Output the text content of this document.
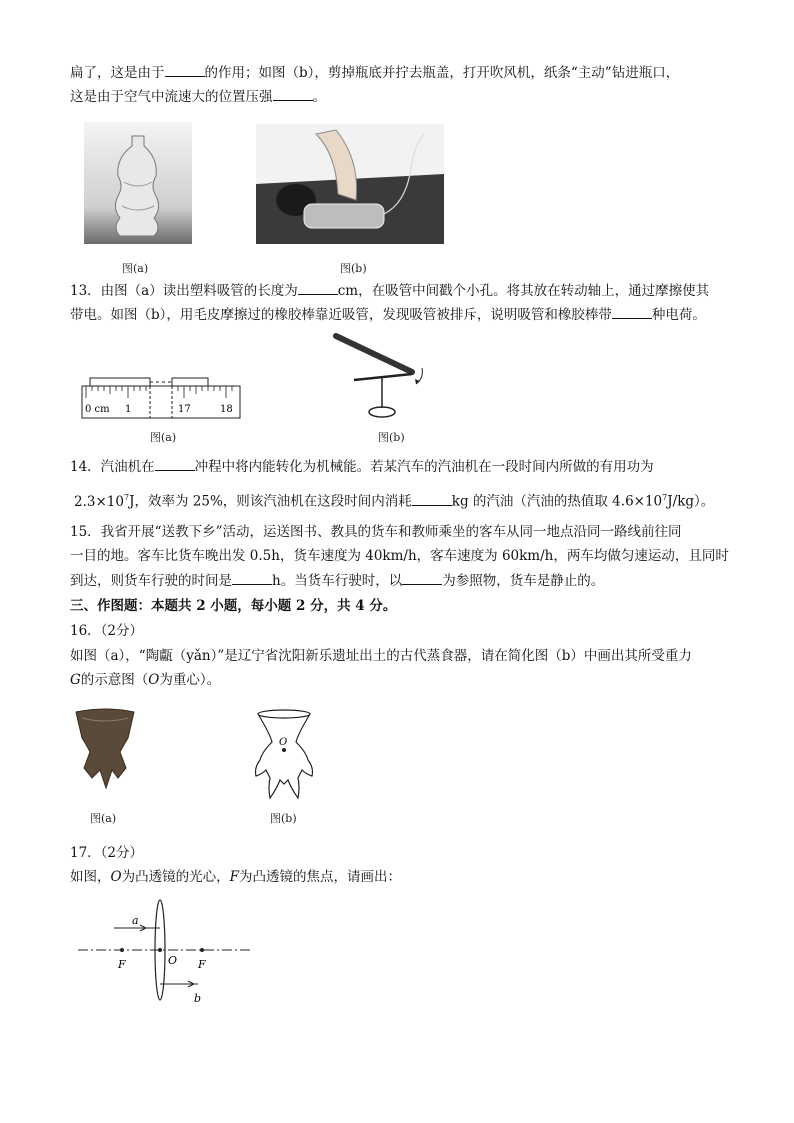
扁了，这是由于	的作用；如图（b），剪掉瓶底并拧去瓶盖，打开吹风机，纸条“主动”钻进瓶口，
这是由于空气中流速大的位置压强	。
图(a)	图(b)
13．由图（a）读出塑料吸管的长度为	cm，在吸管中间戳个小孔。将其放在转动轴上，通过摩擦使其
带电。如图（b），用毛皮摩擦过的橡胶棒靠近吸管，发现吸管被排斥，说明吸管和橡胶棒带	种电荷。
0 cm 1	17	18
图(a)	图(b)
14．汽油机在	冲程中将内能转化为机械能。若某汽车的汽油机在一段时间内所做的有用功为
$2.3\times 10^7J$，效率为 25%，则该汽油机在这段时间内消耗	kg 的汽油（汽油的热值取 $4.6\times 10^7J/kg$）。
15．我省开展“送教下乡”活动，运送图书、教具的货车和教师乘坐的客车从同一地点沿同一路线前往同
一目的地。客车比货车晚出发 0.5h，货车速度为 40km/h，客车速度为 60km/h，两车均做匀速运动，且同时
到达，则货车行驶的时间是	h。当货车行驶时，以	为参照物，货车是静止的。
三、作图题：本题共 2 小题，每小题 2 分，共 4 分。
16．（2分）
如图（a），“陶甗（yǎn）”是辽宁省沈阳新乐遗址出土的古代蒸食器，请在简化图（b）中画出其所受重力
G的示意图（O为重心）。
图(a)
O
图(b)
17．（2分）
如图，O为凸透镜的光心，F为凸透镜的焦点，请画出：
a
F	O F
b
